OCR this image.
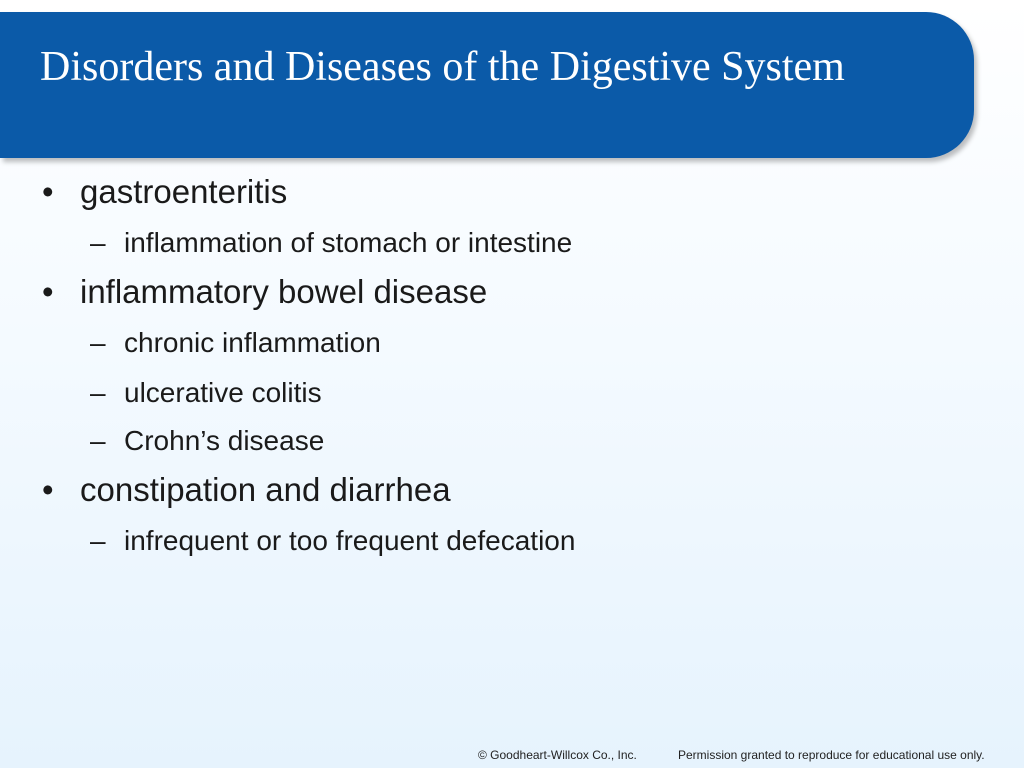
Disorders and Diseases of the Digestive System
• gastroenteritis
– inflammation of stomach or intestine
• inflammatory bowel disease
– chronic inflammation
– ulcerative colitis
– Crohn’s disease
• constipation and diarrhea
– infrequent or too frequent defecation
© Goodheart-Willcox Co., Inc.	Permission granted to reproduce for educational use only.
